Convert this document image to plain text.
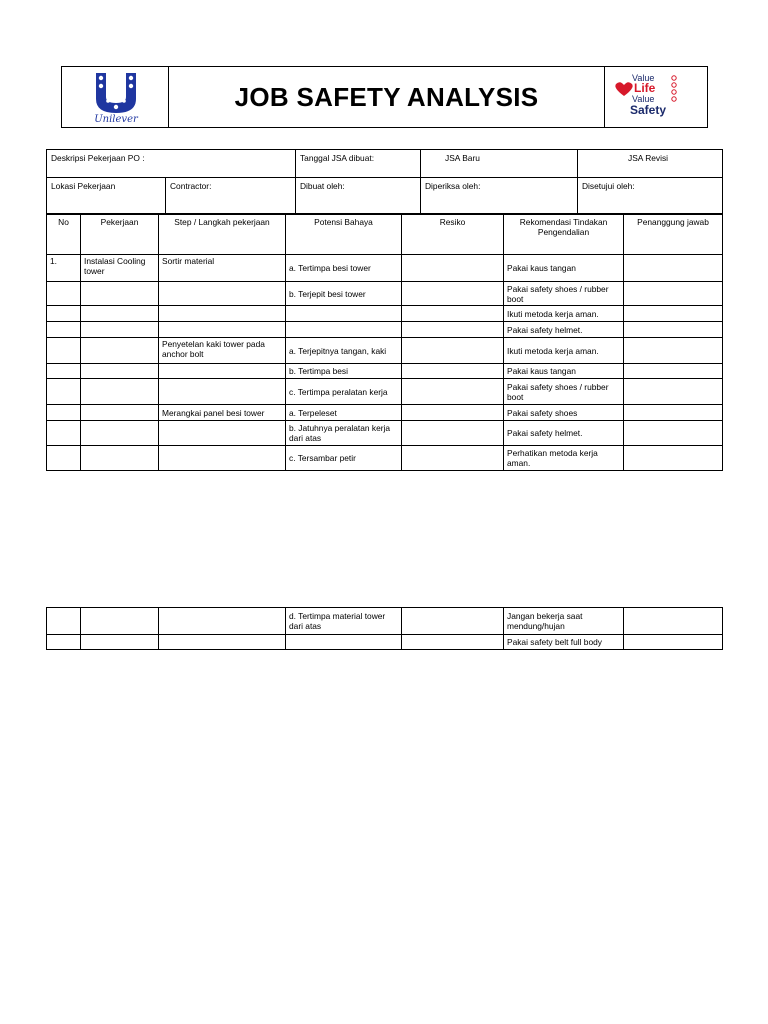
Unilever
JOB SAFETY ANALYSIS
Value
Life
Value
Safety
Deskripsi Pekerjaan PO :		Tanggal JSA dibuat:	JSA Baru	JSA Revisi
Lokasi Pekerjaan	Contractor:	Dibuat oleh:	Diperiksa oleh:	Disetujui oleh:
No	Pekerjaan	Step / Langkah pekerjaan	Potensi Bahaya	Resiko	Rekomendasi Tindakan Pengendalian	Penanggung jawab
1.	Instalasi Cooling tower	Sortir material	a. Tertimpa besi tower		Pakai kaus tangan	
			b. Terjepit besi tower		Pakai safety shoes / rubber boot	
					Ikuti metoda kerja aman.	
					Pakai safety helmet.	
		Penyetelan kaki tower pada anchor bolt	a. Terjepitnya tangan, kaki		Ikuti metoda kerja aman.	
			b. Tertimpa besi		Pakai kaus tangan	
			c. Tertimpa peralatan kerja		Pakai safety shoes / rubber boot	
		Merangkai panel besi tower	a. Terpeleset		Pakai safety shoes	
			b. Jatuhnya peralatan kerja dari atas		Pakai safety helmet.	
			c. Tersambar petir		Perhatikan metoda kerja aman.	
			d. Tertimpa material tower dari atas		Jangan bekerja saat mendung/hujan	
					Pakai safety belt full body	
